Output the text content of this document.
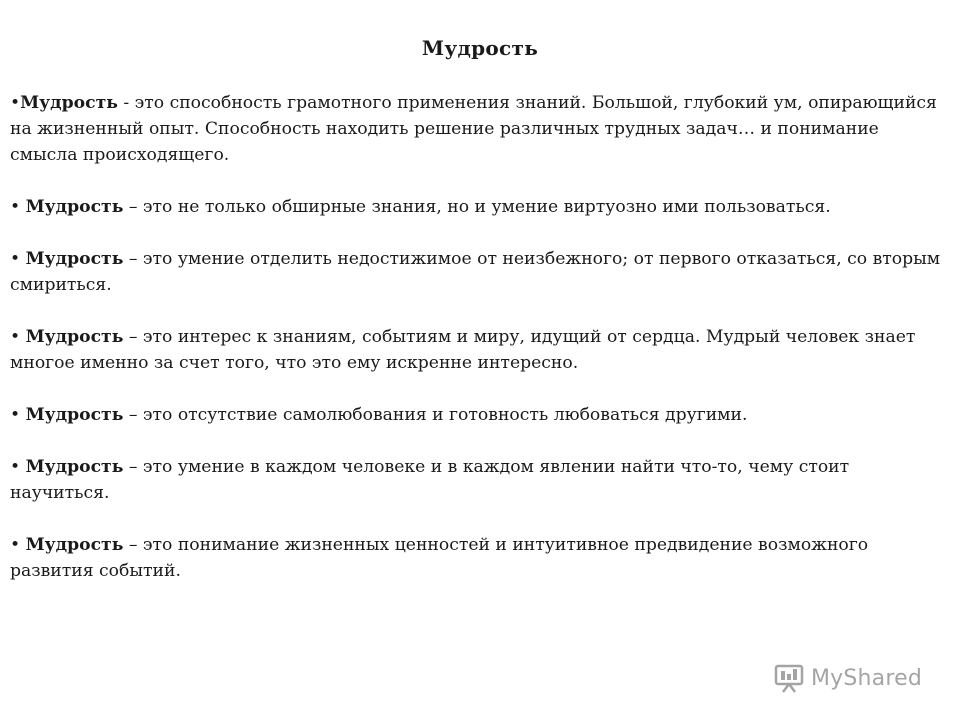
Мудрость
•Мудрость - это способность грамотного применения знаний. Большой, глубокий ум, опирающийся на жизненный опыт. Способность находить решение различных трудных задач… и понимание смысла происходящего.
• Мудрость – это не только обширные знания, но и умение виртуозно ими пользоваться.
• Мудрость – это умение отделить недостижимое от неизбежного; от первого отказаться, со вторым смириться.
• Мудрость – это интерес к знаниям, событиям и миру, идущий от сердца. Мудрый человек знает многое именно за счет того, что это ему искренне интересно.
• Мудрость – это отсутствие самолюбования и готовность любоваться другими.
• Мудрость – это умение в каждом человеке и в каждом явлении найти что-то, чему стоит научиться.
• Мудрость – это понимание жизненных ценностей и интуитивное предвидение возможного развития событий.
MyShared
